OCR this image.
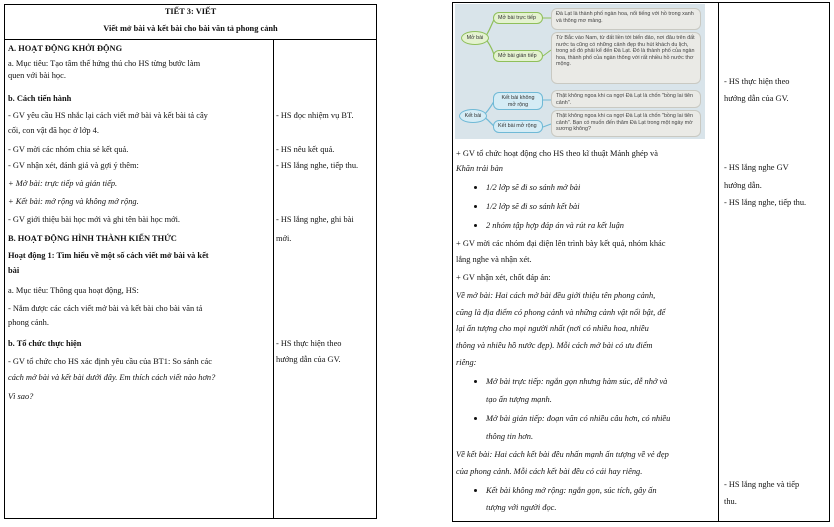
TIẾT 3: VIẾT
Viết mở bài và kết bài cho bài văn tả phong cảnh
A. HOẠT ĐỘNG KHỞI ĐỘNG
a. Mục tiêu: Tạo tâm thế hứng thú cho HS từng bước làm
quen với bài học.
b. Cách tiến hành
- GV yêu cầu HS nhắc lại cách viết mở bài và kết bài tả cây
cối, con vật đã học ở lớp 4.
- GV mời các nhóm chia sẻ kết quả.
- GV nhận xét, đánh giá và gợi ý thêm:
+ Mở bài: trực tiếp và gián tiếp.
+ Kết bài: mở rộng và không mở rộng.
- GV giới thiệu bài học mới và ghi tên bài học mới.
B. HOẠT ĐỘNG HÌNH THÀNH KIẾN THỨC
Hoạt động 1: Tìm hiểu về một số cách viết mở bài và kết
bài
a. Mục tiêu: Thông qua hoạt động, HS:
- Nắm được các cách viết mở bài và kết bài cho bài văn tả
phong cảnh.
b. Tổ chức thực hiện
- GV tổ chức cho HS xác định yêu cầu của BT1: So sánh các
cách mở bài và kết bài dưới đây. Em thích cách viết nào hơn?
Vì sao?
- HS đọc nhiệm vụ BT.
- HS nêu kết quả.
- HS lắng nghe, tiếp thu.
- HS lắng nghe, ghi bài
mới.
- HS thực hiện theo
hướng dẫn của GV.
+ GV tổ chức hoạt động cho HS theo kĩ thuật Mảnh ghép và
Khăn trải bàn
1/2 lớp sẽ đi so sánh mở bài
1/2 lớp sẽ đi so sánh kết bài
2 nhóm tập hợp đáp án và rút ra kết luận
+ GV mời các nhóm đại diện lên trình bày kết quả, nhóm khác
lắng nghe và nhận xét.
+ GV nhận xét, chốt đáp án:
Về mở bài: Hai cách mở bài đều giới thiệu tên phong cảnh,
cũng là địa điểm có phong cảnh và những cảnh vật nổi bật, để
lại ấn tượng cho mọi người nhất (nơi có nhiều hoa, nhiều
thông và nhiều hồ nước đẹp). Mỗi cách mở bài có ưu điểm
riêng:
Mở bài trực tiếp: ngắn gọn nhưng hàm súc, dễ nhớ và
tạo ấn tượng mạnh.
Mở bài gián tiếp: đoạn văn có nhiều câu hơn, có nhiều
thông tin hơn.
Về kết bài: Hai cách kết bài đều nhấn mạnh ấn tượng về vẻ đẹp
của phong cảnh. Mỗi cách kết bài đều có cái hay riêng.
Kết bài không mở rộng: ngắn gọn, súc tích, gây ấn
tượng với người đọc.
- HS thực hiện theo
hướng dẫn của GV.
- HS lắng nghe GV
hướng dẫn.
- HS lắng nghe, tiếp thu.
- HS lắng nghe và tiếp
thu.
Mở bài
Mở bài trực tiếp
Đà Lạt là thành phố ngàn hoa, nổi tiếng với hồ trong xanh và thông mơ màng.
Mở bài gián tiếp
Từ Bắc vào Nam, từ đất liền tới biển đảo, nơi đâu trên đất nước ta cũng có những cảnh đẹp thu hút khách du lịch, trong số đó phải kể đến Đà Lạt. Đó là thành phố của ngàn hoa, thành phố của ngàn thông với rất nhiều hồ nước thơ mộng.
Kết bài
Kết bài không mở rộng
Thật không ngoa khi ca ngợi Đà Lạt là chốn "bồng lai tiên cảnh".
Kết bài mở rộng
Thật không ngoa khi ca ngợi Đà Lạt là chốn "bồng lai tiên cảnh". Bạn có muốn đến thăm Đà Lạt trong một ngày mờ sương không?
